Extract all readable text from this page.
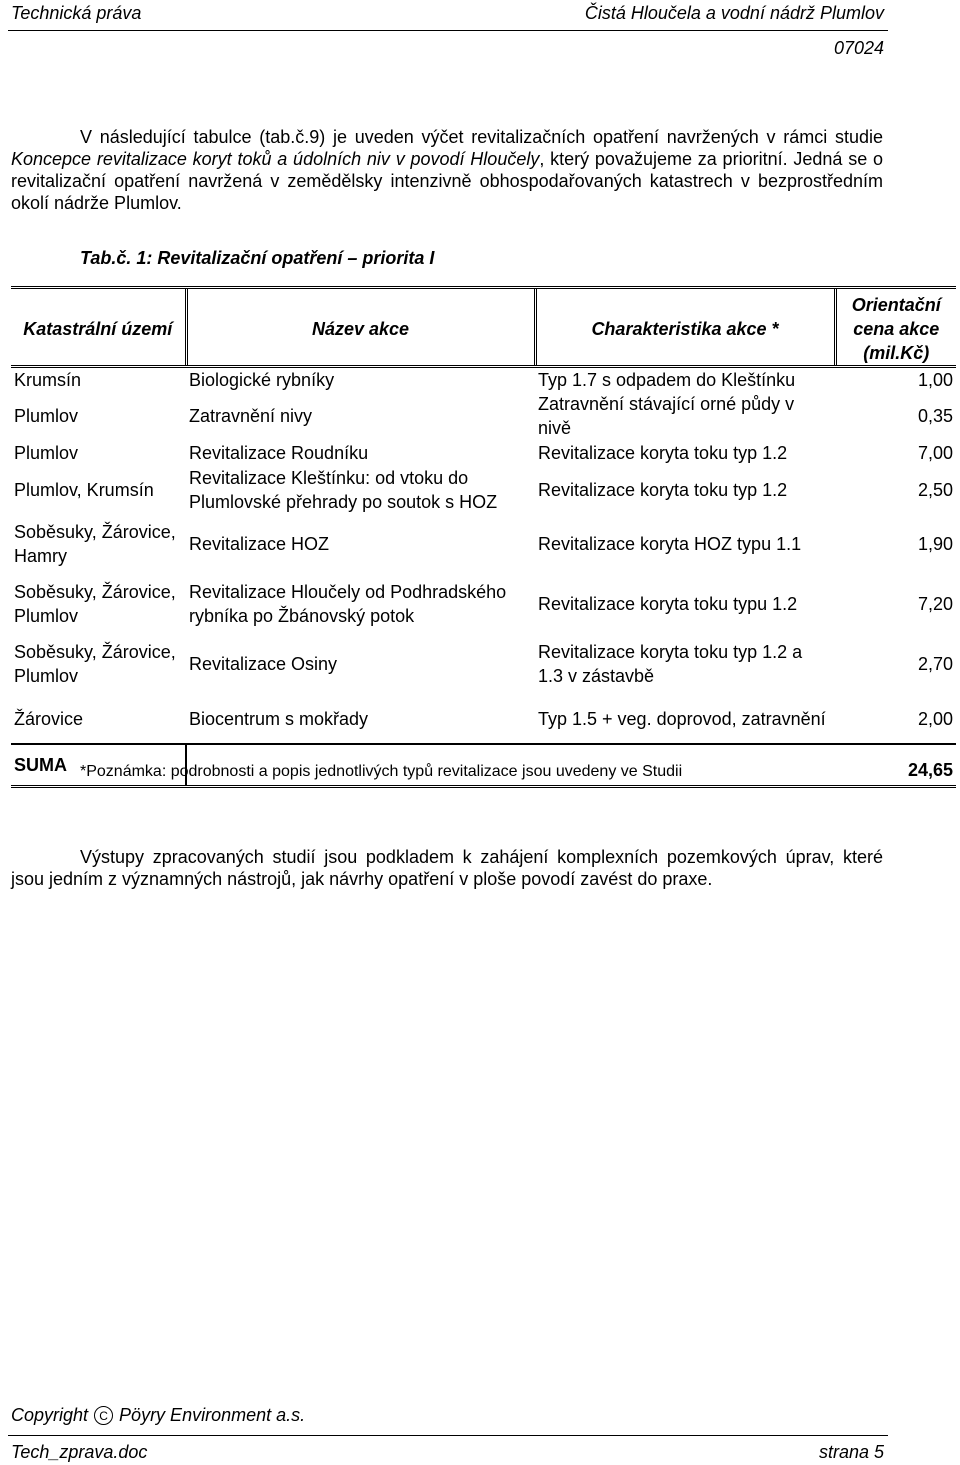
Technická práva	Čistá Hloučela a vodní nádrž Plumlov
07024

V následující tabulce (tab.č.9) je uveden výčet revitalizačních opatření navržených v rámci studie Koncepce revitalizace koryt toků a údolních niv v povodí Hloučely, který považujeme za prioritní. Jedná se o revitalizační opatření navržená v zemědělsky intenzivně obhospodařovaných katastrech v bezprostředním okolí nádrže Plumlov.

Tab.č. 1: Revitalizační opatření – priorita I
Katastrální území	Název akce	Charakteristika akce *	Orientační cena akce (mil.Kč)
Krumsín	Biologické rybníky	Typ 1.7 s odpadem do Kleštínku	1,00
Plumlov	Zatravnění nivy	Zatravnění stávající orné půdy v nivě	0,35
Plumlov	Revitalizace Roudníku	Revitalizace koryta toku typ 1.2	7,00
Plumlov, Krumsín	Revitalizace Kleštínku: od vtoku do Plumlovské přehrady po soutok s HOZ	Revitalizace koryta toku typ 1.2	2,50
Soběsuky, Žárovice, Hamry	Revitalizace HOZ	Revitalizace koryta HOZ typu 1.1	1,90
Soběsuky, Žárovice, Plumlov	Revitalizace Hloučely od Podhradského rybníka po Žbánovský potok	Revitalizace koryta toku typu 1.2	7,20
Soběsuky, Žárovice, Plumlov	Revitalizace Osiny	Revitalizace koryta toku typ 1.2 a 1.3 v zástavbě	2,70
Žárovice	Biocentrum s mokřady	Typ 1.5 + veg. doprovod, zatravnění	2,00
SUMA	24,65		
*Poznámka: podrobnosti a popis jednotlivých typů revitalizace jsou uvedeny ve Studii

Výstupy zpracovaných studií jsou podkladem k zahájení komplexních pozemkových úprav, které jsou jedním z významných nástrojů, jak návrhy opatření v ploše povodí zavést do praxe.

Copyright C Pöyry Environment a.s.
Tech_zprava.doc	strana 5
